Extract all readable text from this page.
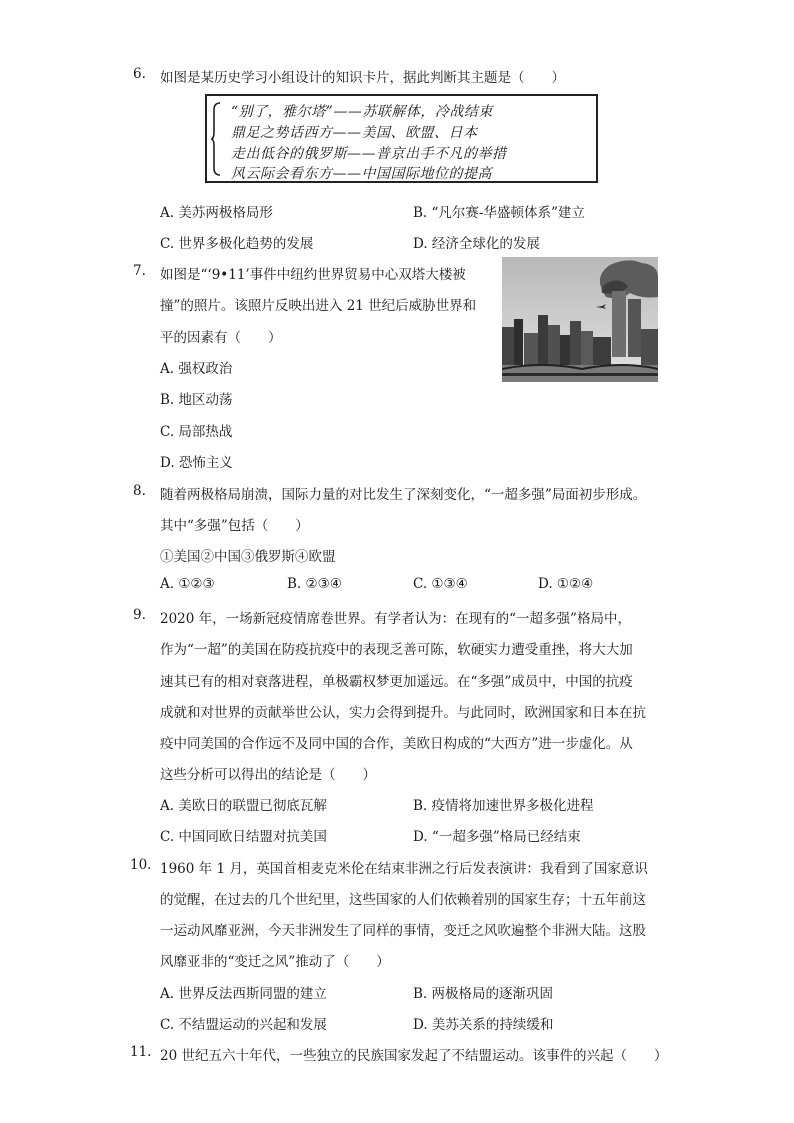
6. 如图是某历史学习小组设计的知识卡片，据此判断其主题是（　　）
“别了，雅尔塔”——苏联解体，冷战结束
鼎足之势话西方——美国、欧盟、日本
走出低谷的俄罗斯——普京出手不凡的举措
风云际会看东方——中国国际地位的提高
A. 美苏两极格局形	B. “凡尔赛-华盛顿体系”建立
C. 世界多极化趋势的发展	D. 经济全球化的发展
7. 如图是“‘9•11’事件中纽约世界贸易中心双塔大楼被
撞”的照片。该照片反映出进入 21 世纪后威胁世界和
平的因素有（　　）
A. 强权政治
B. 地区动荡
C. 局部热战
D. 恐怖主义
8. 随着两极格局崩溃，国际力量的对比发生了深刻变化，“一超多强”局面初步形成。
其中“多强”包括（　　）
①美国②中国③俄罗斯④欧盟
A. ①②③	B. ②③④	C. ①③④	D. ①②④
9. 2020 年，一场新冠疫情席卷世界。有学者认为：在现有的“一超多强”格局中，
作为“一超”的美国在防疫抗疫中的表现乏善可陈，软硬实力遭受重挫，将大大加
速其已有的相对衰落进程，单极霸权梦更加遥远。在“多强”成员中，中国的抗疫
成就和对世界的贡献举世公认，实力会得到提升。与此同时，欧洲国家和日本在抗
疫中同美国的合作远不及同中国的合作，美欧日构成的“大西方”进一步虚化。从
这些分析可以得出的结论是（　　）
A. 美欧日的联盟已彻底瓦解	B. 疫情将加速世界多极化进程
C. 中国同欧日结盟对抗美国	D. “一超多强”格局已经结束
10. 1960 年 1 月，英国首相麦克米伦在结束非洲之行后发表演讲：我看到了国家意识
的觉醒，在过去的几个世纪里，这些国家的人们依赖着别的国家生存；十五年前这
一运动风靡亚洲，今天非洲发生了同样的事情，变迁之风吹遍整个非洲大陆。这股
风靡亚非的“变迁之风”推动了（　　）
A. 世界反法西斯同盟的建立	B. 两极格局的逐渐巩固
C. 不结盟运动的兴起和发展	D. 美苏关系的持续缓和
11. 20 世纪五六十年代，一些独立的民族国家发起了不结盟运动。该事件的兴起（　　）
